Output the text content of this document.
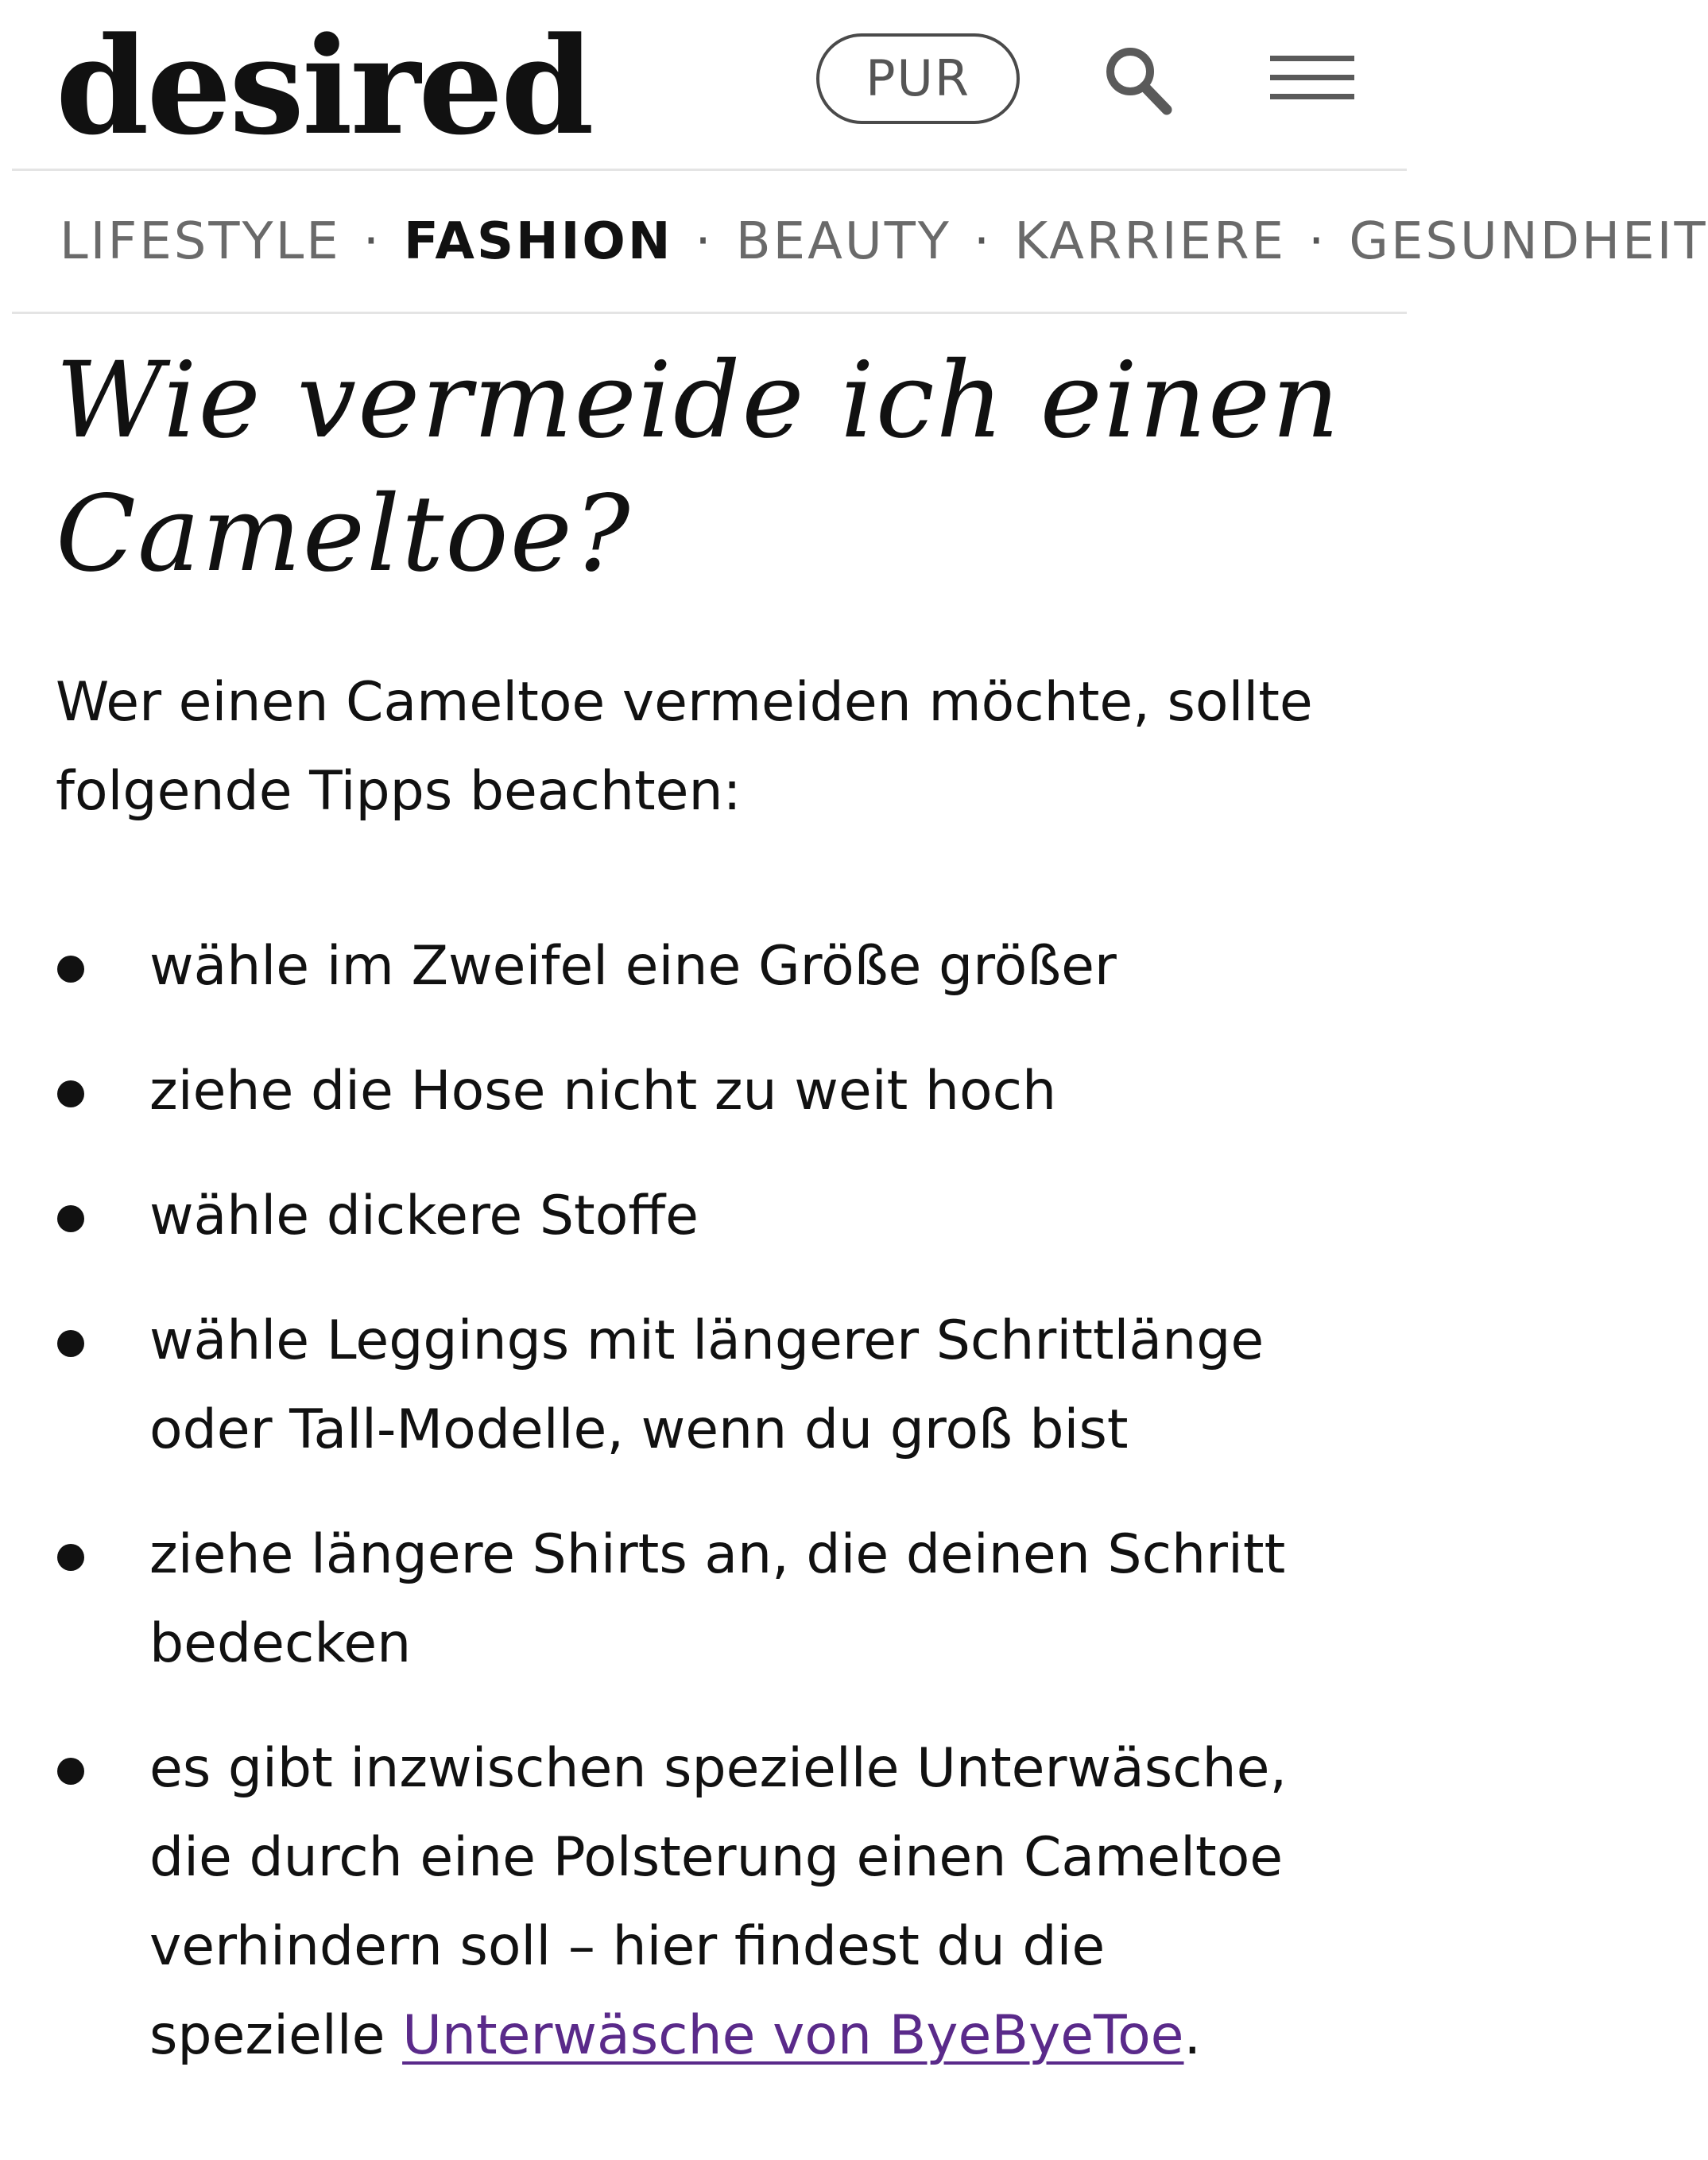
desired	PUR
LIFESTYLE · FASHION · BEAUTY · KARRIERE · GESUNDHEIT
Wie vermeide ich einen Cameltoe?

Wer einen Cameltoe vermeiden möchte, sollte folgende Tipps beachten:

wähle im Zweifel eine Größe größer
ziehe die Hose nicht zu weit hoch
wähle dickere Stoffe
wähle Leggings mit längerer Schrittlänge oder Tall-Modelle, wenn du groß bist
ziehe längere Shirts an, die deinen Schritt bedecken
es gibt inzwischen spezielle Unterwäsche, die durch eine Polsterung einen Cameltoe verhindern soll – hier findest du die spezielle Unterwäsche von ByeByeToe.
